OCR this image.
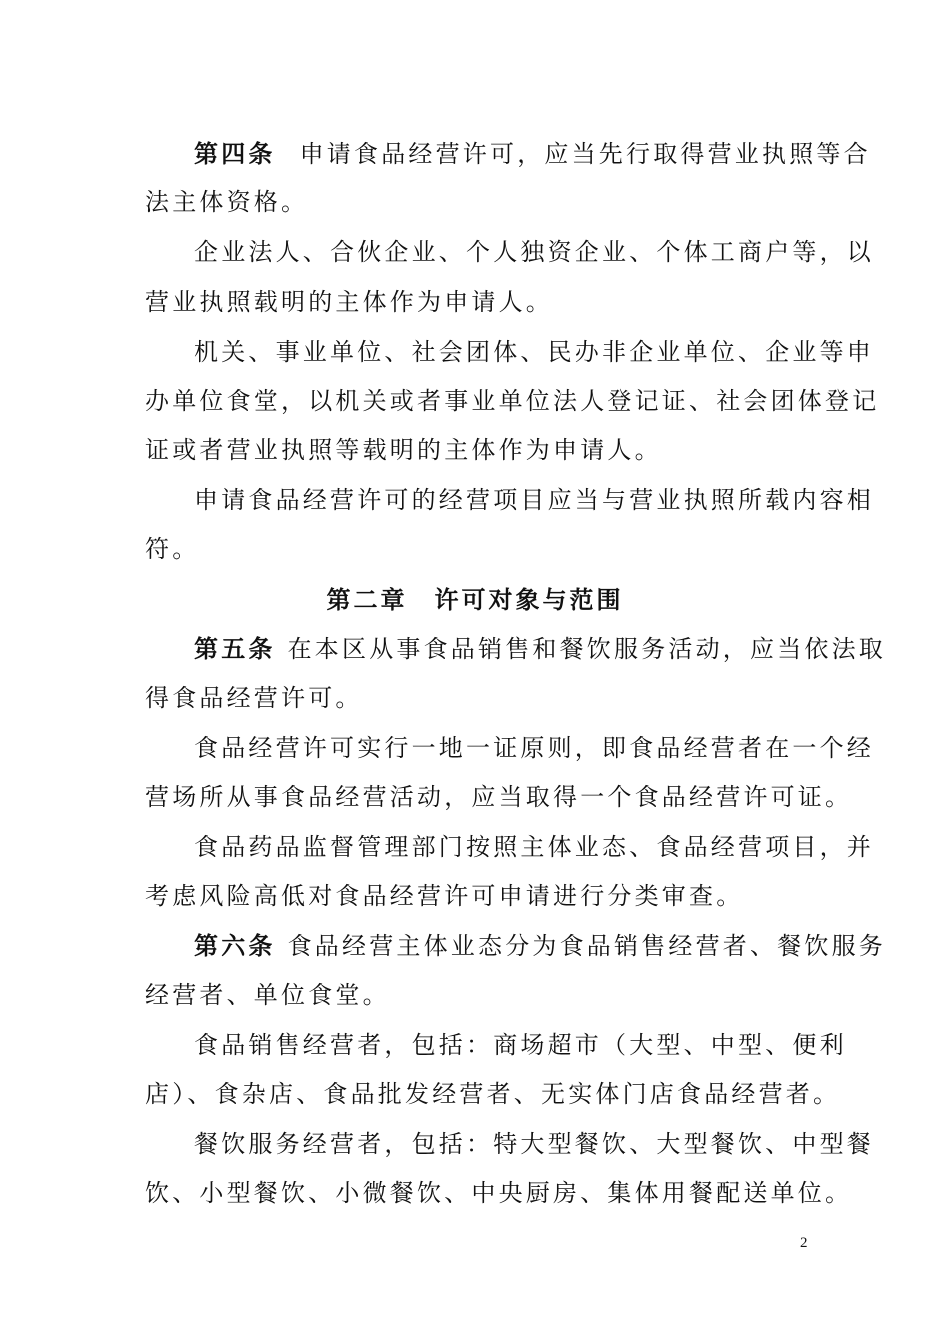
第四条 申请食品经营许可，应当先行取得营业执照等合
法主体资格。
企业法人、合伙企业、个人独资企业、个体工商户等，以
营业执照载明的主体作为申请人。
机关、事业单位、社会团体、民办非企业单位、企业等申
办单位食堂，以机关或者事业单位法人登记证、社会团体登记
证或者营业执照等载明的主体作为申请人。
申请食品经营许可的经营项目应当与营业执照所载内容相
符。
第二章　许可对象与范围
第五条 在本区从事食品销售和餐饮服务活动，应当依法取
得食品经营许可。
食品经营许可实行一地一证原则，即食品经营者在一个经
营场所从事食品经营活动，应当取得一个食品经营许可证。
食品药品监督管理部门按照主体业态、食品经营项目，并
考虑风险高低对食品经营许可申请进行分类审查。
第六条 食品经营主体业态分为食品销售经营者、餐饮服务
经营者、单位食堂。
食品销售经营者，包括：商场超市（大型、中型、便利
店）、食杂店、食品批发经营者、无实体门店食品经营者。
餐饮服务经营者，包括：特大型餐饮、大型餐饮、中型餐
饮、小型餐饮、小微餐饮、中央厨房、集体用餐配送单位。
2
